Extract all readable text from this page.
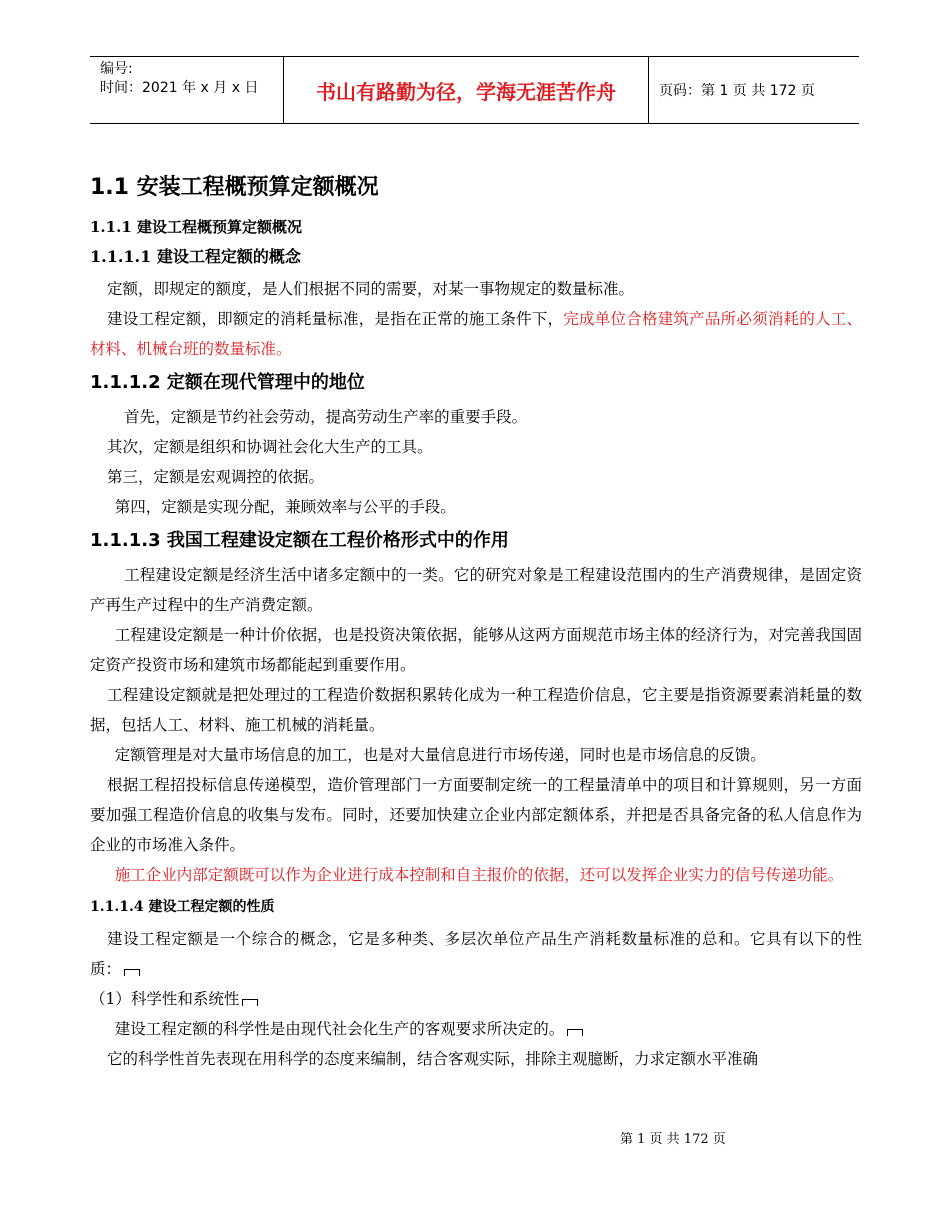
编号:
时间：2021 年 x 月 x 日	书山有路勤为径，学海无涯苦作舟	页码：第 1 页 共 172 页
1.1 安装工程概预算定额概况
1.1.1 建设工程概预算定额概况
1.1.1.1 建设工程定额的概念

定额，即规定的额度，是人们根据不同的需要，对某一事物规定的数量标准。

建设工程定额，即额定的消耗量标准，是指在正常的施工条件下，完成单位合格建筑产品所必须消耗的人工、材料、机械台班的数量标准。

1.1.1.2 定额在现代管理中的地位

首先，定额是节约社会劳动，提高劳动生产率的重要手段。

其次，定额是组织和协调社会化大生产的工具。

第三，定额是宏观调控的依据。

第四，定额是实现分配，兼顾效率与公平的手段。

1.1.1.3 我国工程建设定额在工程价格形式中的作用

工程建设定额是经济生活中诸多定额中的一类。它的研究对象是工程建设范围内的生产消费规律，是固定资产再生产过程中的生产消费定额。

工程建设定额是一种计价依据，也是投资决策依据，能够从这两方面规范市场主体的经济行为，对完善我国固定资产投资市场和建筑市场都能起到重要作用。

工程建设定额就是把处理过的工程造价数据积累转化成为一种工程造价信息，它主要是指资源要素消耗量的数据，包括人工、材料、施工机械的消耗量。

定额管理是对大量市场信息的加工，也是对大量信息进行市场传递，同时也是市场信息的反馈。

根据工程招投标信息传递模型，造价管理部门一方面要制定统一的工程量清单中的项目和计算规则，另一方面要加强工程造价信息的收集与发布。同时，还要加快建立企业内部定额体系，并把是否具备完备的私人信息作为企业的市场准入条件。

施工企业内部定额既可以作为企业进行成本控制和自主报价的依据，还可以发挥企业实力的信号传递功能。

1.1.1.4 建设工程定额的性质

建设工程定额是一个综合的概念，它是多种类、多层次单位产品生产消耗数量标准的总和。它具有以下的性质：

（1）科学性和系统性

建设工程定额的科学性是由现代社会化生产的客观要求所决定的。

它的科学性首先表现在用科学的态度来编制，结合客观实际，排除主观臆断，力求定额水平准确

第 1 页 共 172 页
